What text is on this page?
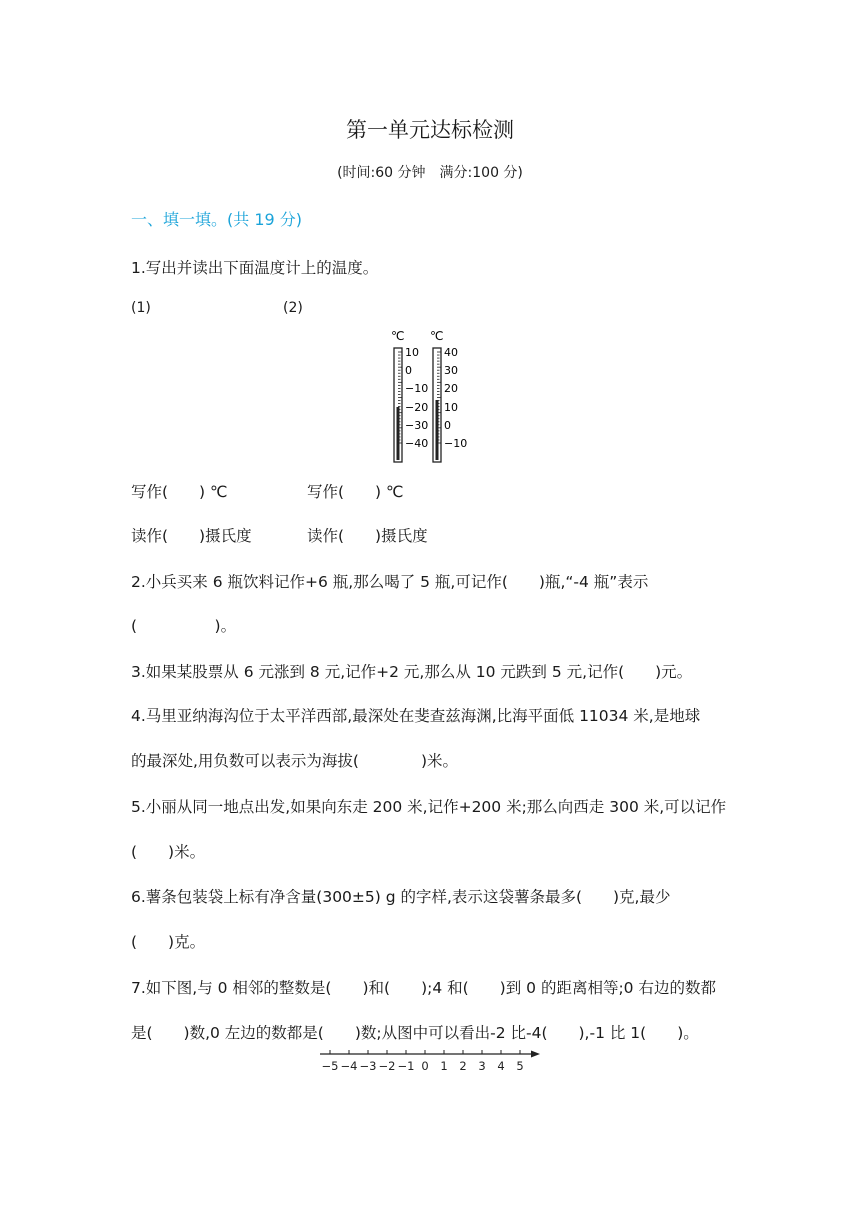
第一单元达标检测
(时间:60 分钟　满分:100 分)
一、填一填。(共 19 分)
1.写出并读出下面温度计上的温度。
(1)	(2)
℃
10
0
−10
−20
−30
−40
℃
40
30
20
10
0
−10
写作(　　) ℃	写作(　　) ℃
读作(　　)摄氏度	读作(　　)摄氏度
2.小兵买来 6 瓶饮料记作+6 瓶,那么喝了 5 瓶,可记作(　　)瓶,“-4 瓶”表示
(　　　　　)。
3.如果某股票从 6 元涨到 8 元,记作+2 元,那么从 10 元跌到 5 元,记作(　　)元。
4.马里亚纳海沟位于太平洋西部,最深处在斐查兹海渊,比海平面低 11034 米,是地球
的最深处,用负数可以表示为海拔(　　　　)米。
5.小丽从同一地点出发,如果向东走 200 米,记作+200 米;那么向西走 300 米,可以记作
(　　)米。
6.薯条包装袋上标有净含量(300±5) g 的字样,表示这袋薯条最多(　　)克,最少
(　　)克。
7.如下图,与 0 相邻的整数是(　　)和(　　);4 和(　　)到 0 的距离相等;0 右边的数都
是(　　)数,0 左边的数都是(　　)数;从图中可以看出-2 比-4(　　),-1 比 1(　　)。
−5 −4 −3 −2 −1 0 1 2 3 4 5
